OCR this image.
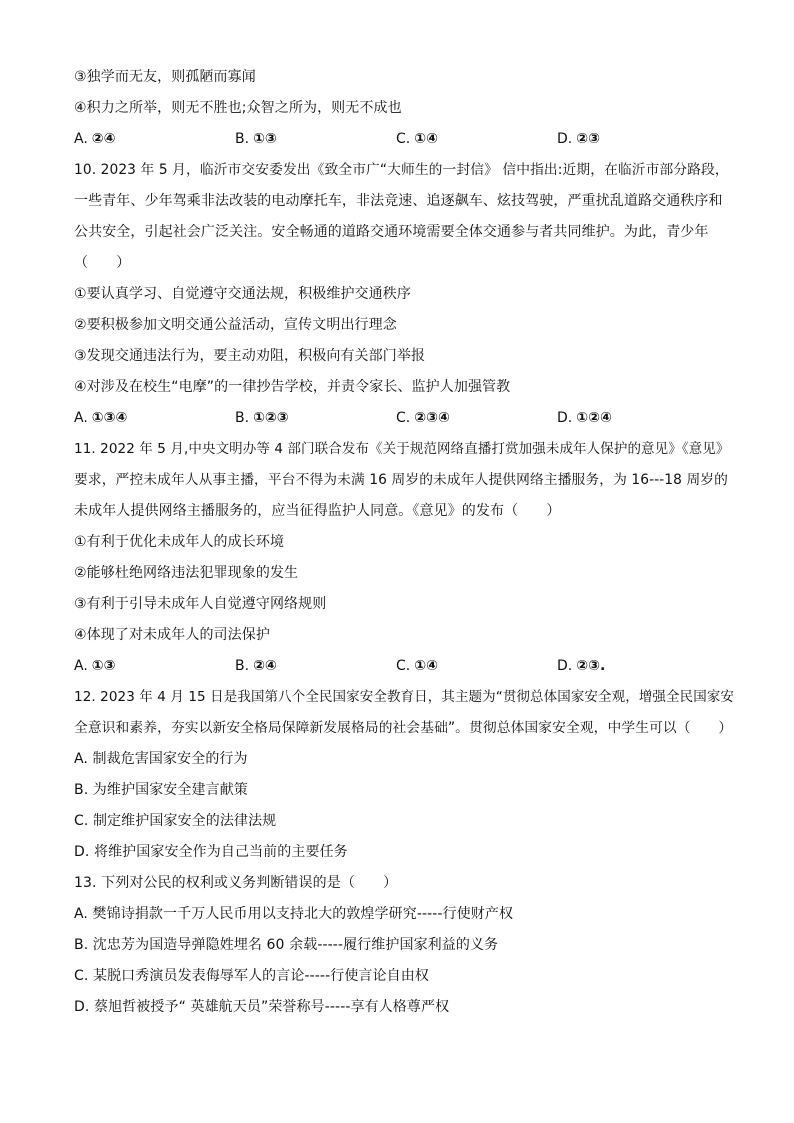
③独学而无友，则孤陋而寡闻
④积力之所举，则无不胜也;众智之所为，则无不成也
A. ②④	B. ①③	C. ①④	D. ②③
10. 2023 年 5 月，临沂市交安委发出《致全市广“大师生的一封信》 信中指出:近期，在临沂市部分路段，
一些青年、少年驾乘非法改装的电动摩托车，非法竞速、追逐飙车、炫技驾驶，严重扰乱道路交通秩序和
公共安全，引起社会广泛关注。安全畅通的道路交通环境需要全体交通参与者共同维护。为此，青少年
（　　）
①要认真学习、自觉遵守交通法规，积极维护交通秩序
②要积极参加文明交通公益活动，宣传文明出行理念
③发现交通违法行为，要主动劝阻，积极向有关部门举报
④对涉及在校生“电摩”的一律抄告学校，并责令家长、监护人加强管教
A. ①③④	B. ①②③	C. ②③④	D. ①②④
11. 2022 年 5 月,中央文明办等 4 部门联合发布《关于规范网络直播打赏加强未成年人保护的意见》《意见》
要求，严控未成年人从事主播，平台不得为未满 16 周岁的未成年人提供网络主播服务，为 16---18 周岁的
未成年人提供网络主播服务的，应当征得监护人同意。《意见》的发布（　　）
①有利于优化未成年人的成长环境
②能够杜绝网络违法犯罪现象的发生
③有利于引导未成年人自觉遵守网络规则
④体现了对未成年人的司法保护
A. ①③	B. ②④	C. ①④	D. ②③.
12. 2023 年 4 月 15 日是我国第八个全民国家安全教育日，其主题为“贯彻总体国家安全观，增强全民国家安
全意识和素养，夯实以新安全格局保障新发展格局的社会基础”。贯彻总体国家安全观，中学生可以（　　）
A. 制裁危害国家安全的行为
B. 为维护国家安全建言献策
C. 制定维护国家安全的法律法规
D. 将维护国家安全作为自己当前的主要任务
13. 下列对公民的权利或义务判断错误的是（　　）
A. 樊锦诗捐款一千万人民币用以支持北大的敦煌学研究-----行使财产权
B. 沈忠芳为国造导弹隐姓埋名 60 余载-----履行维护国家利益的义务
C. 某脱口秀演员发表侮辱军人的言论-----行使言论自由权
D. 蔡旭哲被授予“ 英雄航天员”荣誉称号-----享有人格尊严权
